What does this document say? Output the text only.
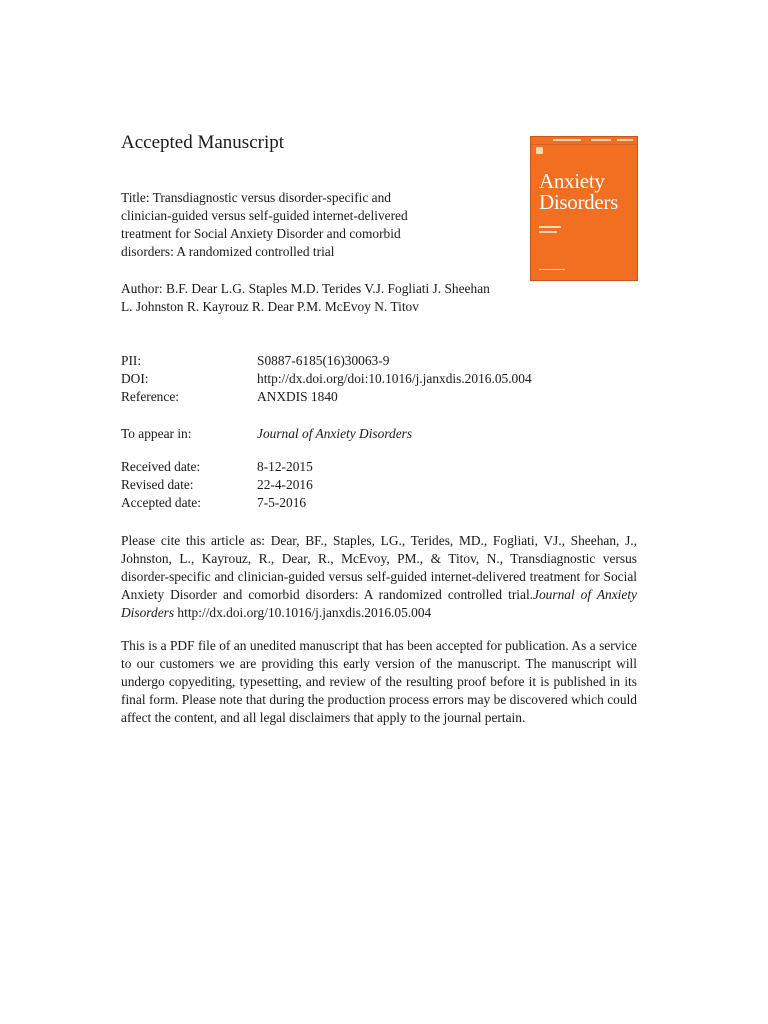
Accepted Manuscript
Title: Transdiagnostic versus disorder-specific and clinician-guided versus self-guided internet-delivered treatment for Social Anxiety Disorder and comorbid disorders: A randomized controlled trial
Author: B.F. Dear L.G. Staples M.D. Terides V.J. Fogliati J. Sheehan L. Johnston R. Kayrouz R. Dear P.M. McEvoy N. Titov
PII:	S0887-6185(16)30063-9
DOI:	http://dx.doi.org/doi:10.1016/j.janxdis.2016.05.004
Reference:	ANXDIS 1840
To appear in:	Journal of Anxiety Disorders
Received date:	8-12-2015
Revised date:	22-4-2016
Accepted date:	7-5-2016

Please cite this article as: Dear, BF., Staples, LG., Terides, MD., Fogliati, VJ., Sheehan, J., Johnston, L., Kayrouz, R., Dear, R., McEvoy, PM., & Titov, N., Transdiagnostic versus disorder-specific and clinician-guided versus self-guided internet-delivered treatment for Social Anxiety Disorder and comorbid disorders: A randomized controlled trial.Journal of Anxiety Disorders http://dx.doi.org/10.1016/j.janxdis.2016.05.004

This is a PDF file of an unedited manuscript that has been accepted for publication. As a service to our customers we are providing this early version of the manuscript. The manuscript will undergo copyediting, typesetting, and review of the resulting proof before it is published in its final form. Please note that during the production process errors may be discovered which could affect the content, and all legal disclaimers that apply to the journal pertain.

Anxiety
Disorders
